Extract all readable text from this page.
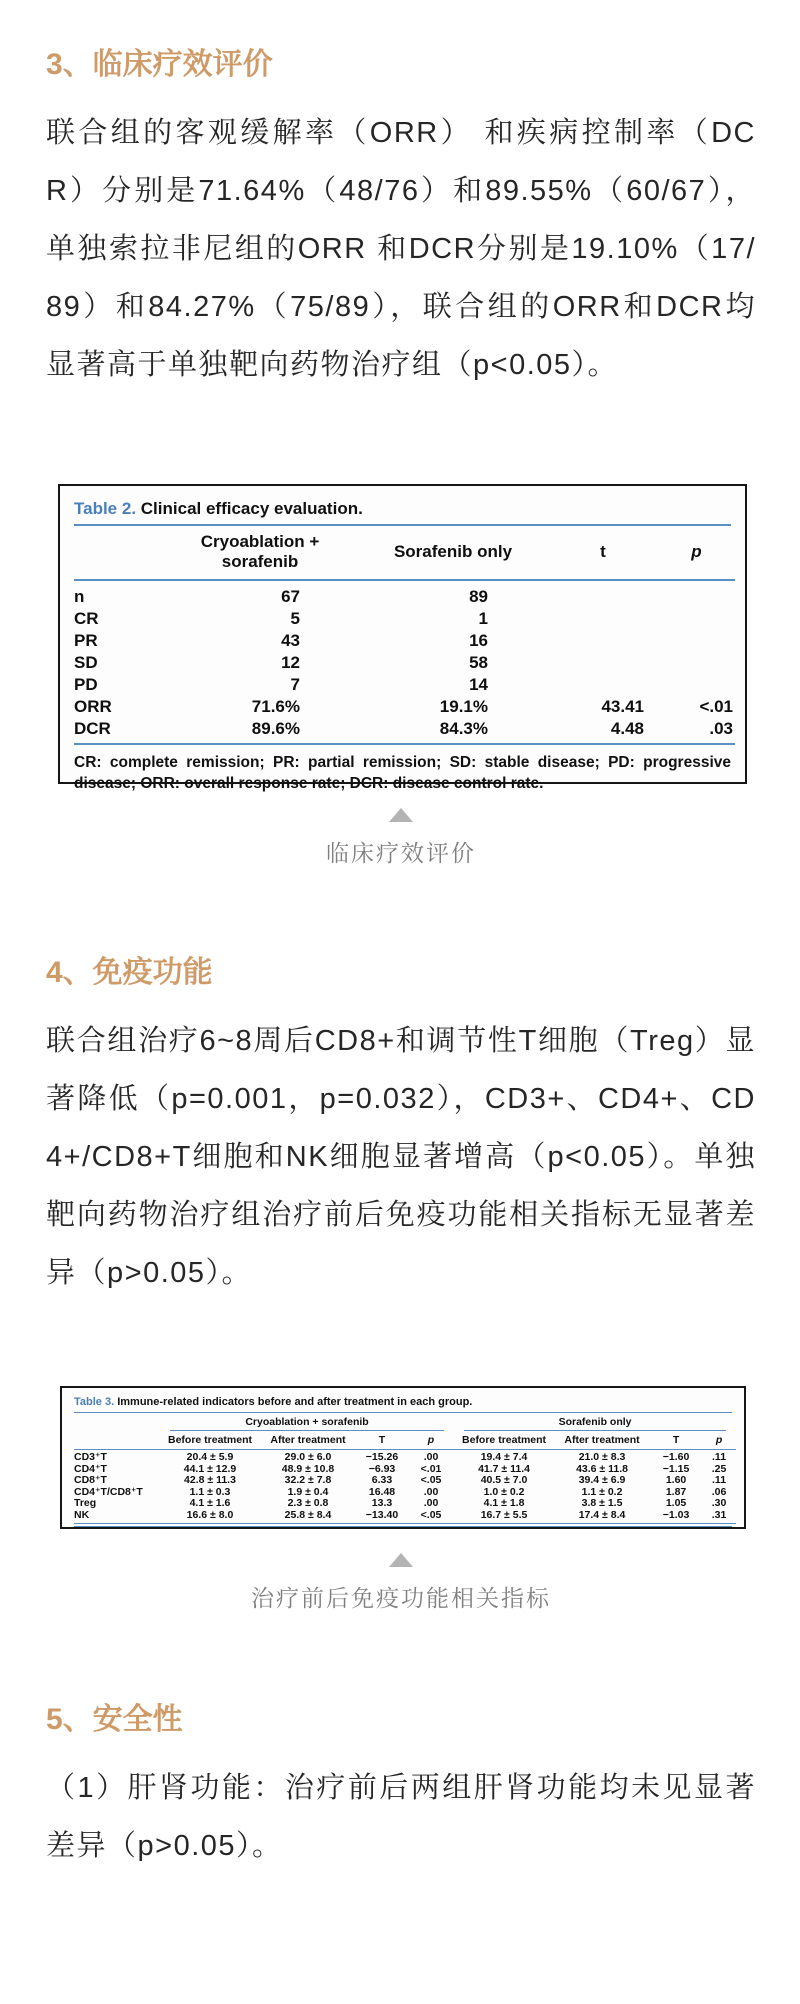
3、临床疗效评价

联合组的客观缓解率（ORR） 和疾病控制率（DCR）分别是71.64%（48/76）和89.55%（60/67），单独索拉非尼组的ORR 和DCR分别是19.10%（17/89）和84.27%（75/89），联合组的ORR和DCR均显著高于单独靶向药物治疗组（p<0.05）。

Table 2. Clinical efficacy evaluation.
	Cryoablation + sorafenib	Sorafenib only	t	p
n	67	89		
CR	5	1		
PR	43	16		
SD	12	58		
PD	7	14		
ORR	71.6%	19.1%	43.41	<.01
DCR	89.6%	84.3%	4.48	.03
CR: complete remission; PR: partial remission; SD: stable disease; PD: progressive disease; ORR: overall response rate; DCR: disease control rate.
临床疗效评价
4、免疫功能

联合组治疗6~8周后CD8+和调节性T细胞（Treg）显著降低（p=0.001，p=0.032），CD3+、CD4+、CD4+/CD8+T细胞和NK细胞显著增高（p<0.05）。单独靶向药物治疗组治疗前后免疫功能相关指标无显著差异（p>0.05）。

Table 3. Immune-related indicators before and after treatment in each group.

	Cryoablation + sorafenib				Sorafenib only			

	Before treatment	After treatment	T	p	Before treatment	After treatment	T	p
CD3⁺T	20.4 ± 5.9	29.0 ± 6.0	−15.26	.00	19.4 ± 7.4	21.0 ± 8.3	−1.60	.11
CD4⁺T	44.1 ± 12.9	48.9 ± 10.8	−6.93	<.01	41.7 ± 11.4	43.6 ± 11.8	−1.15	.25
CD8⁺T	42.8 ± 11.3	32.2 ± 7.8	6.33	<.05	40.5 ± 7.0	39.4 ± 6.9	1.60	.11
CD4⁺T/CD8⁺T	1.1 ± 0.3	1.9 ± 0.4	16.48	.00	1.0 ± 0.2	1.1 ± 0.2	1.87	.06
Treg	4.1 ± 1.6	2.3 ± 0.8	13.3	.00	4.1 ± 1.8	3.8 ± 1.5	1.05	.30
NK	16.6 ± 8.0	25.8 ± 8.4	−13.40	<.05	16.7 ± 5.5	17.4 ± 8.4	−1.03	.31
治疗前后免疫功能相关指标
5、安全性

（1）肝肾功能：治疗前后两组肝肾功能均未见显著差异（p>0.05）。
